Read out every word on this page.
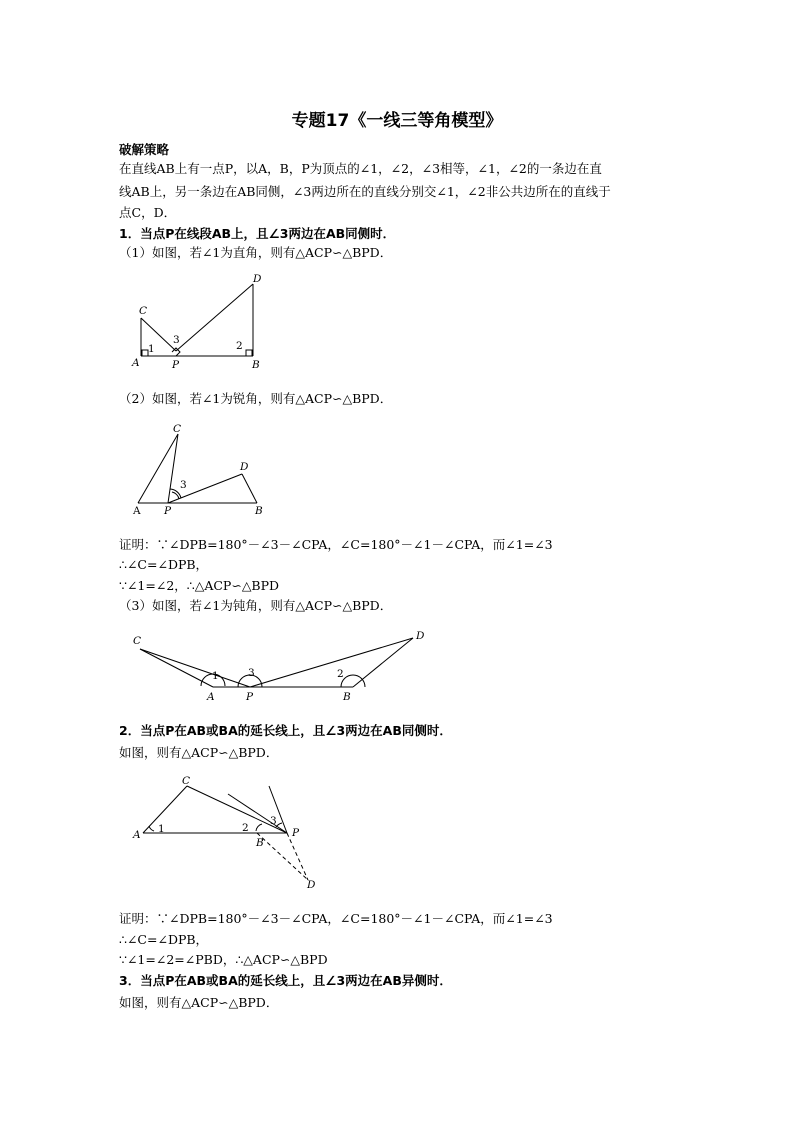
专题17《一线三等角模型》
破解策略
在直线AB上有一点P，以A，B，P为顶点的∠1，∠2，∠3相等，∠1，∠2的一条边在直
线AB上，另一条边在AB同侧，∠3两边所在的直线分别交∠1，∠2非公共边所在的直线于
点C，D．
1．当点P在线段AB上，且∠3两边在AB同侧时．
（1）如图，若∠1为直角，则有△ACP∽△BPD．
C
A
1
3
P
2
B
D
（2）如图，若∠1为锐角，则有△ACP∽△BPD．
C
3
D
A P	B
证明：∵∠DPB=180°－∠3－∠CPA，∠C=180°－∠1－∠CPA，而∠1=∠3
∴∠C=∠DPB，
∵∠1=∠2，∴△ACP∽△BPD
（3）如图，若∠1为钝角，则有△ACP∽△BPD．
C
1	3	2
D
A	P	B
2．当点P在AB或BA的延长线上，且∠3两边在AB同侧时．
如图，则有△ACP∽△BPD．
C
A 1	2
3
P
B
D
证明：∵∠DPB=180°－∠3－∠CPA，∠C=180°－∠1－∠CPA，而∠1=∠3
∴∠C=∠DPB，
∵∠1=∠2=∠PBD，∴△ACP∽△BPD
3．当点P在AB或BA的延长线上，且∠3两边在AB异侧时．
如图，则有△ACP∽△BPD．
